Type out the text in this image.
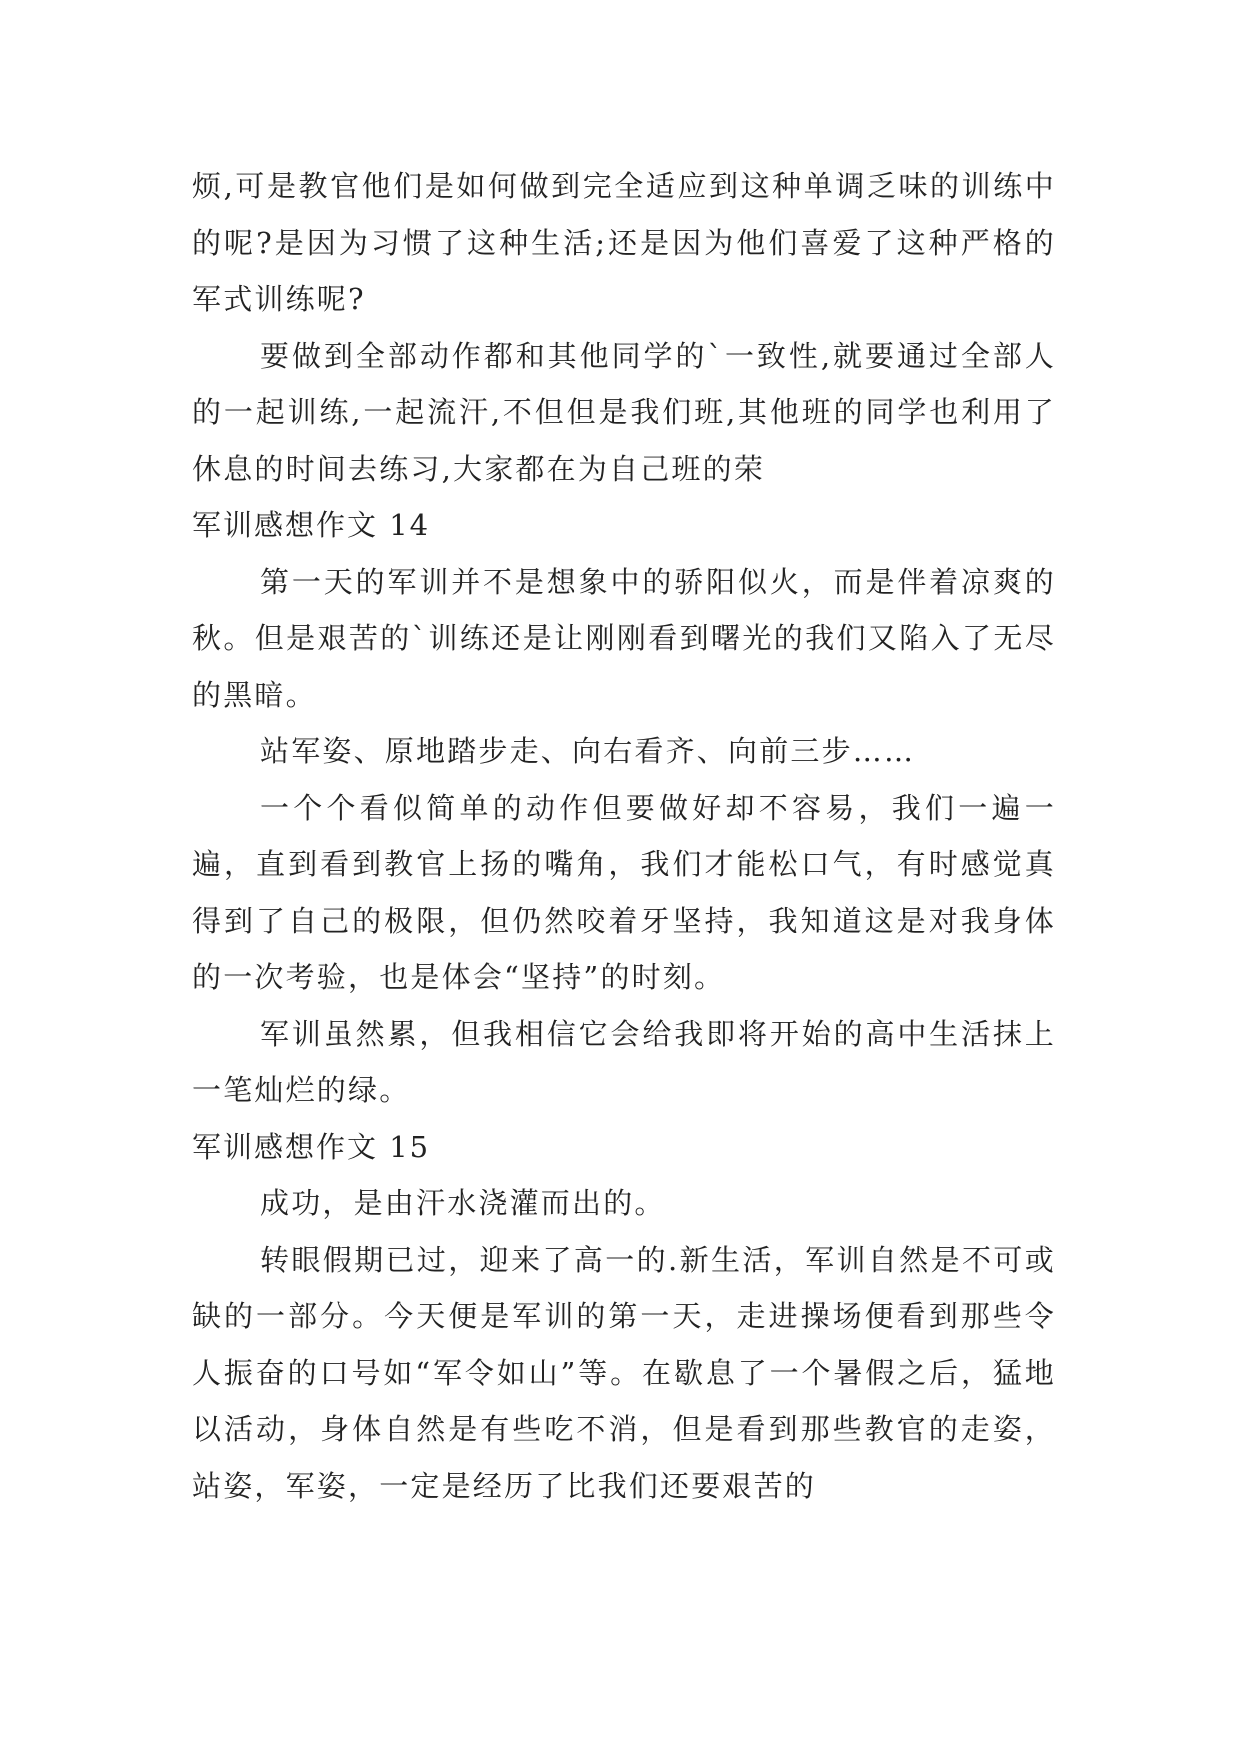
烦,可是教官他们是如何做到完全适应到这种单调乏味的训练中的呢?是因为习惯了这种生活;还是因为他们喜爱了这种严格的军式训练呢?

要做到全部动作都和其他同学的`一致性,就要通过全部人的一起训练,一起流汗,不但但是我们班,其他班的同学也利用了休息的时间去练习,大家都在为自己班的荣

军训感想作文 14

第一天的军训并不是想象中的骄阳似火，而是伴着凉爽的秋。但是艰苦的`训练还是让刚刚看到曙光的我们又陷入了无尽的黑暗。

站军姿、原地踏步走、向右看齐、向前三步……

一个个看似简单的动作但要做好却不容易，我们一遍一遍，直到看到教官上扬的嘴角，我们才能松口气，有时感觉真得到了自己的极限，但仍然咬着牙坚持，我知道这是对我身体的一次考验，也是体会“坚持”的时刻。

军训虽然累，但我相信它会给我即将开始的高中生活抹上一笔灿烂的绿。

军训感想作文 15

成功，是由汗水浇灌而出的。

转眼假期已过，迎来了高一的.新生活，军训自然是不可或缺的一部分。今天便是军训的第一天，走进操场便看到那些令人振奋的口号如“军令如山”等。在歇息了一个暑假之后，猛地以活动，身体自然是有些吃不消，但是看到那些教官的走姿，站姿，军姿，一定是经历了比我们还要艰苦的
